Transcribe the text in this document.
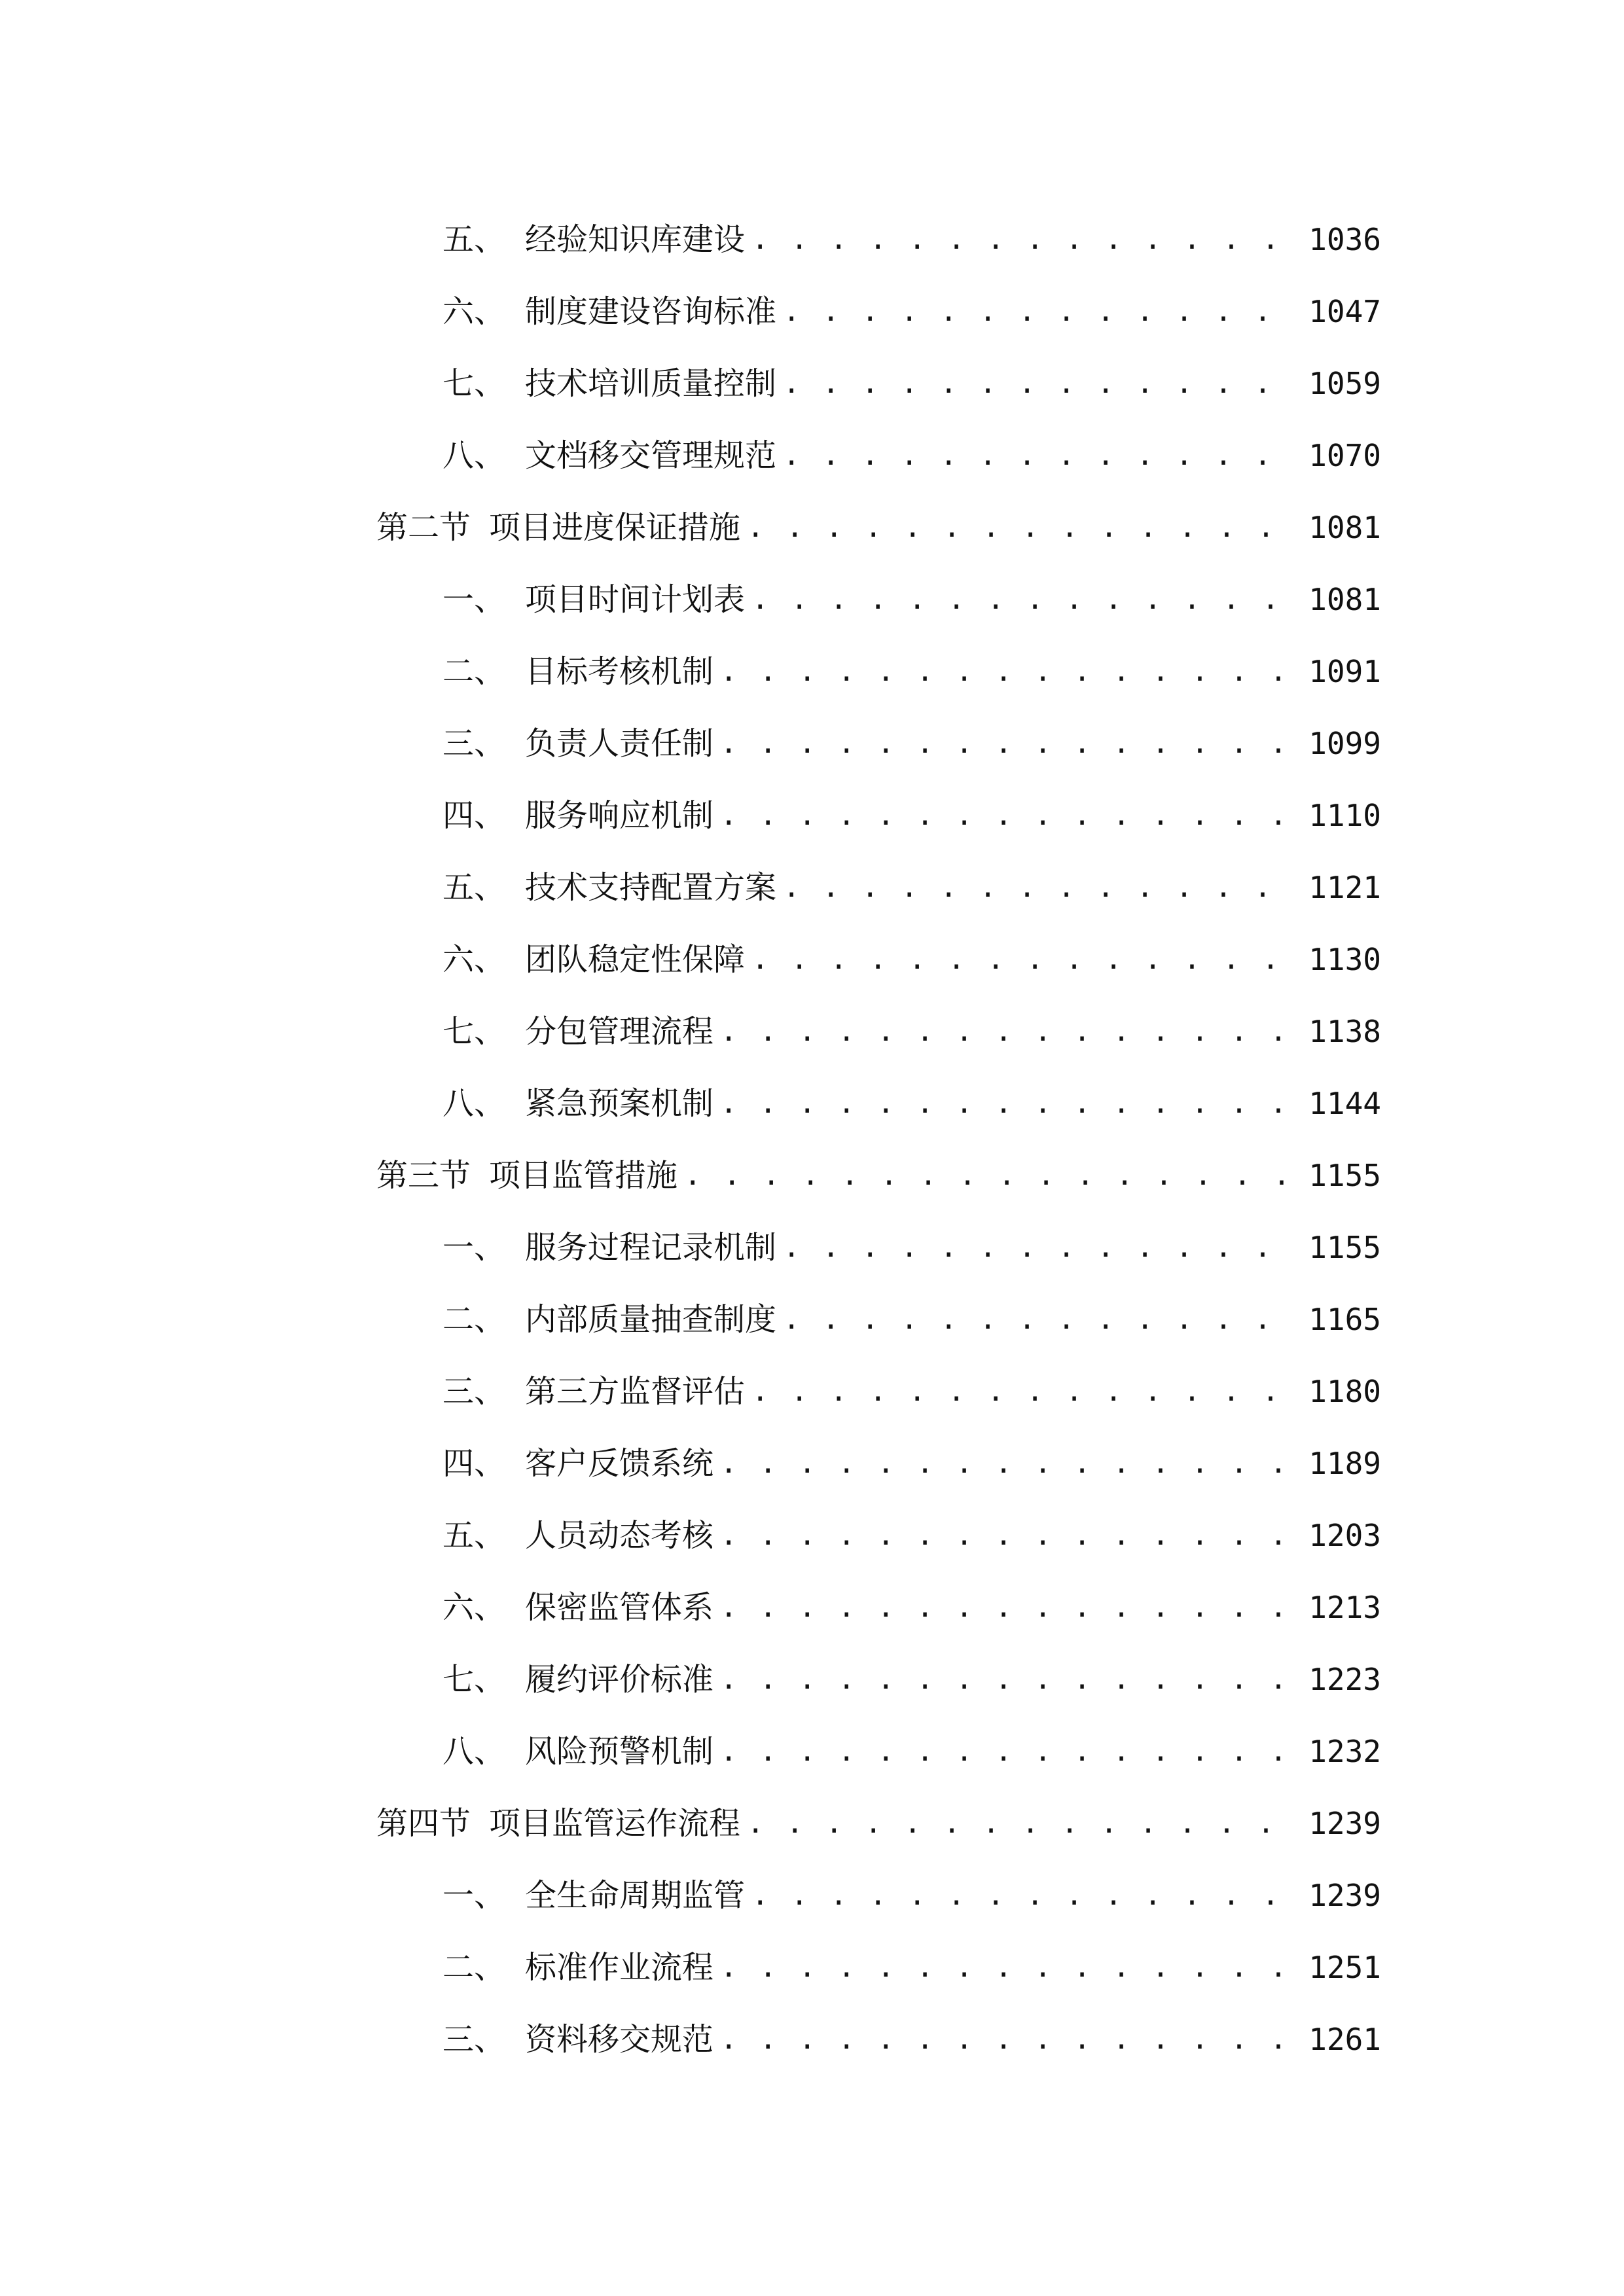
五、 经验知识库建设 . . .	1036
六、 制度建设咨询标准 . . .	1047
七、 技术培训质量控制 . . .	1059
八、 文档移交管理规范 . . .	1070
第二节 项目进度保证措施 . . .	1081
一、 项目时间计划表 . . .	1081
二、 目标考核机制 . . .	1091
三、 负责人责任制 . . .	1099
四、 服务响应机制 . . .	1110
五、 技术支持配置方案 . . .	1121
六、 团队稳定性保障 . . .	1130
七、 分包管理流程 . . .	1138
八、 紧急预案机制 . . .	1144
第三节 项目监管措施 . . .	1155
一、 服务过程记录机制 . . .	1155
二、 内部质量抽查制度 . . .	1165
三、 第三方监督评估 . . .	1180
四、 客户反馈系统 . . .	1189
五、 人员动态考核 . . .	1203
六、 保密监管体系 . . .	1213
七、 履约评价标准 . . .	1223
八、 风险预警机制 . . .	1232
第四节 项目监管运作流程 . . .	1239
一、 全生命周期监管 . . .	1239
二、 标准作业流程 . . .	1251
三、 资料移交规范 . . .	1261
